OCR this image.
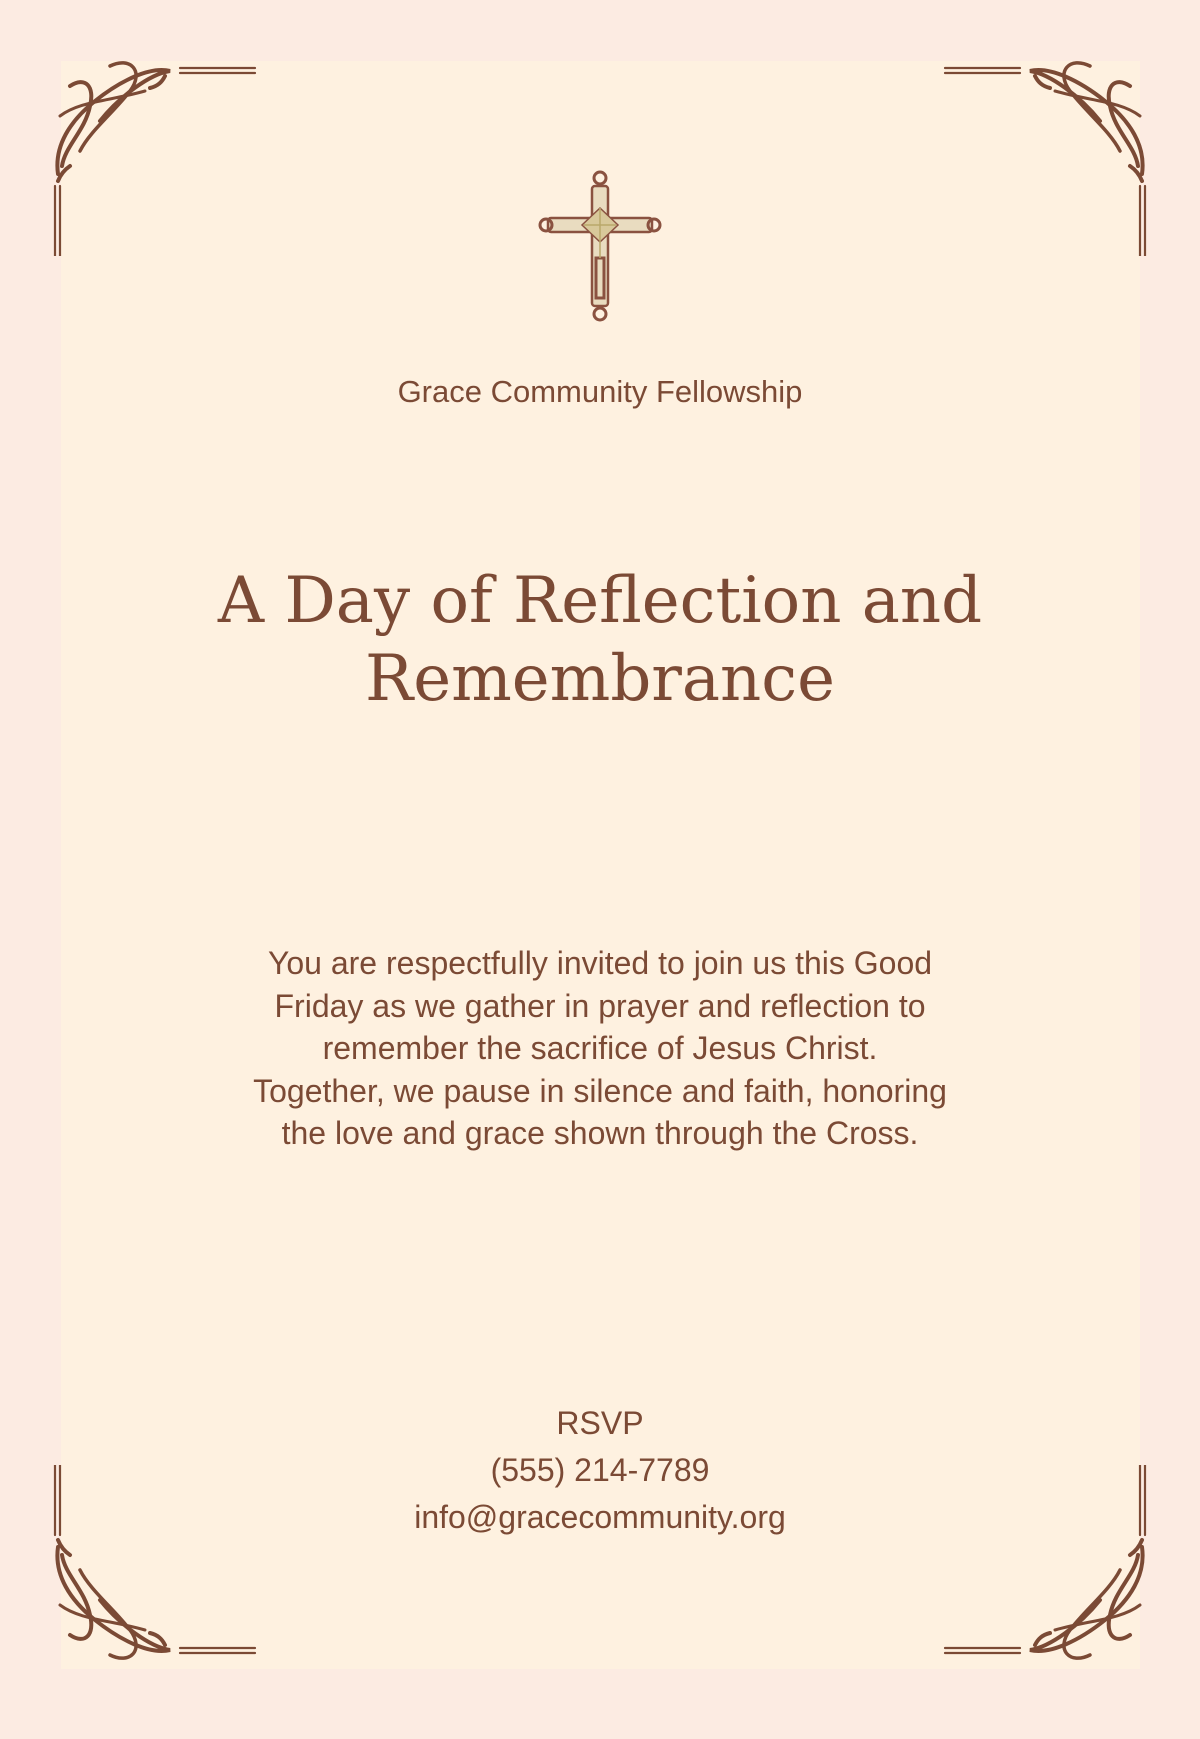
Grace Community Fellowship
A Day of Reflection and
Remembrance
You are respectfully invited to join us this Good
Friday as we gather in prayer and reflection to
remember the sacrifice of Jesus Christ.
Together, we pause in silence and faith, honoring
the love and grace shown through the Cross.
RSVP
(555) 214-7789
info@gracecommunity.org
